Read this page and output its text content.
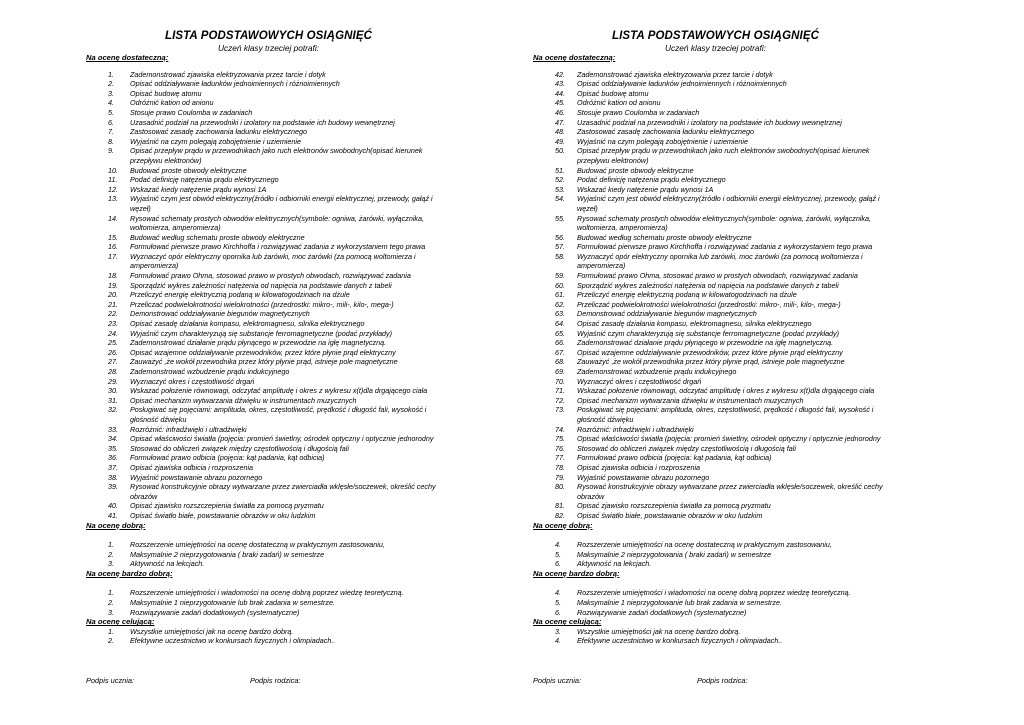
LISTA PODSTAWOWYCH OSIĄGNIĘĆ
Uczeń klasy trzeciej potrafi:
Na ocenę dostateczną:
1.	Zademonstrować zjawiska elektryzowania przez tarcie i dotyk
2.	Opisać oddziaływanie ładunków jednoimiennych i różnoimiennych
3.	Opisać budowę atomu
4.	Odróżnić kation od anionu
5.	Stosuje prawo Coulomba w zadaniach
6.	Uzasadnić podział na przewodniki i izolatory na podstawie ich budowy wewnętrznej
7.	Zastosować zasadę zachowania ładunku elektrycznego
8.	Wyjaśnić na czym polegają zobojętnienie i uziemienie
9.	Opisać przepływ prądu w przewodnikach jako ruch elektronów swobodnych(opisać kierunek przepływu elektronów)
10.	Budować proste obwody elektryczne
11.	Podać definicję natężenia prądu elektrycznego
12.	Wskazać kiedy natężenie prądu wynosi 1A
13.	Wyjaśnić czym jest obwód elektryczny(źródło i odbiorniki energii elektrycznej, przewody, gałąź i węzeł)
14.	Rysować schematy prostych obwodów elektrycznych(symbole: ogniwa, żarówki, wyłącznika, woltomierza, amperomierza)
15.	Budować według schematu proste obwody elektryczne
16.	Formułować pierwsze prawo Kirchhoffa i rozwiązywać zadania z wykorzystaniem tego prawa
17.	Wyznaczyć opór elektryczny opornika lub żarówki, moc żarówki (za pomocą woltomierza i amperomierza)
18.	Formułować prawo Ohma, stosować prawo w prostych obwodach, rozwiązywać zadania
19.	Sporządzić wykres zależności natężenia od napięcia na podstawie danych z tabeli
20.	Przeliczyć energię elektryczną podaną w kilowatogodzinach na dżule
21.	Przeliczać podwielokrotności wielokrotności (przedrostki: mikro-, mili-, kilo-, mega-)
22.	Demonstrować oddziaływanie biegunów magnetycznych
23.	Opisać zasadę działania kompasu, elektromagnesu, silnika elektrycznego
24.	Wyjaśnić czym charakteryzują się substancje ferromagnetyczne (podać przykłady)
25.	Zademonstrować działanie prądu płynącego w przewodzie na igłę magnetyczną.
26.	Opisać wzajemne oddziaływanie przewodników, przez które płynie prąd elektryczny
27.	Zauważyć ,że wokół przewodnika przez który płynie prąd, istnieje pole magnetyczne
28.	Zademonstrować wzbudzenie prądu indukcyjnego
29.	Wyznaczyć okres i częstotliwość drgań
30.	Wskazać położenie równowagi, odczytać amplitudę i okres z wykresu x(t)dla drgającego ciała
31.	Opisać mechanizm wytwarzania dźwięku w instrumentach muzycznych
32.	Posługiwać się pojęciami: amplituda, okres, częstotliwość, prędkość i długość fali, wysokość i głośność dźwięku
33.	Rozróżnić: infradźwięki i ultradźwięki
34.	Opisać właściwości światła (pojęcia: promień świetlny, ośrodek optyczny i optycznie jednorodny
35.	Stosować do obliczeń związek między częstotliwością i długością fali
36.	Formułować prawo odbicia (pojęcia: kąt padania, kąt odbicia)
37.	Opisać zjawiska odbicia i rozproszenia
38.	Wyjaśnić powstawanie obrazu pozornego
39.	Rysować konstrukcyjnie obrazy wytwarzane przez zwierciadła wklęsłe/soczewek, określić cechy obrazów
40.	Opisać zjawisko rozszczepienia światła za pomocą pryzmatu
41.	Opisać światło białe, powstawanie obrazów w oku ludzkim
Na ocenę dobrą:
1.	Rozszerzenie umiejętności na ocenę dostateczną w praktycznym zastosowaniu,
2.	Maksymalnie 2 nieprzygotowania ( braki zadań) w semestrze
3.	Aktywność na lekcjach.
Na ocenę bardzo dobrą:
1.	Rozszerzenie umiejętności i wiadomości na ocenę dobrą poprzez wiedzę teoretyczną.
2.	Maksymalnie 1 nieprzygotowanie lub brak zadania w semestrze.
3.	Rozwiązywanie zadań dodatkowych (systematyczne)
Na ocenę celującą:
1.	Wszystkie umiejętności jak na ocenę bardzo dobrą.
2.	Efektywne uczestnictwo w konkursach fizycznych i olimpiadach..
Podpis ucznia:	Podpis rodzica:
LISTA PODSTAWOWYCH OSIĄGNIĘĆ
Uczeń klasy trzeciej potrafi:
Na ocenę dostateczną:
42.	Zademonstrować zjawiska elektryzowania przez tarcie i dotyk
43.	Opisać oddziaływanie ładunków jednoimiennych i różnoimiennych
44.	Opisać budowę atomu
45.	Odróżnić kation od anionu
46.	Stosuje prawo Coulomba w zadaniach
47.	Uzasadnić podział na przewodniki i izolatory na podstawie ich budowy wewnętrznej
48.	Zastosować zasadę zachowania ładunku elektrycznego
49.	Wyjaśnić na czym polegają zobojętnienie i uziemienie
50.	Opisać przepływ prądu w przewodnikach jako ruch elektronów swobodnych(opisać kierunek przepływu elektronów)
51.	Budować proste obwody elektryczne
52.	Podać definicję natężenia prądu elektrycznego
53.	Wskazać kiedy natężenie prądu wynosi 1A
54.	Wyjaśnić czym jest obwód elektryczny(źródło i odbiorniki energii elektrycznej, przewody, gałąź i węzeł)
55.	Rysować schematy prostych obwodów elektrycznych(symbole: ogniwa, żarówki, wyłącznika, woltomierza, amperomierza)
56.	Budować według schematu proste obwody elektryczne
57.	Formułować pierwsze prawo Kirchhoffa i rozwiązywać zadania z wykorzystaniem tego prawa
58.	Wyznaczyć opór elektryczny opornika lub żarówki, moc żarówki (za pomocą woltomierza i amperomierza)
59.	Formułować prawo Ohma, stosować prawo w prostych obwodach, rozwiązywać zadania
60.	Sporządzić wykres zależności natężenia od napięcia na podstawie danych z tabeli
61.	Przeliczyć energię elektryczną podaną w kilowatogodzinach na dżule
62.	Przeliczać podwielokrotności wielokrotności (przedrostki: mikro-, mili-, kilo-, mega-)
63.	Demonstrować oddziaływanie biegunów magnetycznych
64.	Opisać zasadę działania kompasu, elektromagnesu, silnika elektrycznego
65.	Wyjaśnić czym charakteryzują się substancje ferromagnetyczne (podać przykłady)
66.	Zademonstrować działanie prądu płynącego w przewodzie na igłę magnetyczną.
67.	Opisać wzajemne oddziaływanie przewodników, przez które płynie prąd elektryczny
68.	Zauważyć ,że wokół przewodnika przez który płynie prąd, istnieje pole magnetyczne
69.	Zademonstrować wzbudzenie prądu indukcyjnego
70.	Wyznaczyć okres i częstotliwość drgań
71.	Wskazać położenie równowagi, odczytać amplitudę i okres z wykresu x(t)dla drgającego ciała
72.	Opisać mechanizm wytwarzania dźwięku w instrumentach muzycznych
73.	Posługiwać się pojęciami: amplituda, okres, częstotliwość, prędkość i długość fali, wysokość i głośność dźwięku
74.	Rozróżnić: infradźwięki i ultradźwięki
75.	Opisać właściwości światła (pojęcia: promień świetlny, ośrodek optyczny i optycznie jednorodny
76.	Stosować do obliczeń związek między częstotliwością i długością fali
77.	Formułować prawo odbicia (pojęcia: kąt padania, kąt odbicia)
78.	Opisać zjawiska odbicia i rozproszenia
79.	Wyjaśnić powstawanie obrazu pozornego
80.	Rysować konstrukcyjnie obrazy wytwarzane przez zwierciadła wklęsłe/soczewek, określić cechy obrazów
81.	Opisać zjawisko rozszczepienia światła za pomocą pryzmatu
82.	Opisać światło białe, powstawanie obrazów w oku ludzkim
Na ocenę dobrą:
4.	Rozszerzenie umiejętności na ocenę dostateczną w praktycznym zastosowaniu,
5.	Maksymalnie 2 nieprzygotowania ( braki zadań) w semestrze
6.	Aktywność na lekcjach.
Na ocenę bardzo dobrą:
4.	Rozszerzenie umiejętności i wiadomości na ocenę dobrą poprzez wiedzę teoretyczną.
5.	Maksymalnie 1 nieprzygotowanie lub brak zadania w semestrze.
6.	Rozwiązywanie zadań dodatkowych (systematyczne)
Na ocenę celującą:
3.	Wszystkie umiejętności jak na ocenę bardzo dobrą.
4.	Efektywne uczestnictwo w konkursach fizycznych i olimpiadach..
Podpis ucznia:	Podpis rodzica:
